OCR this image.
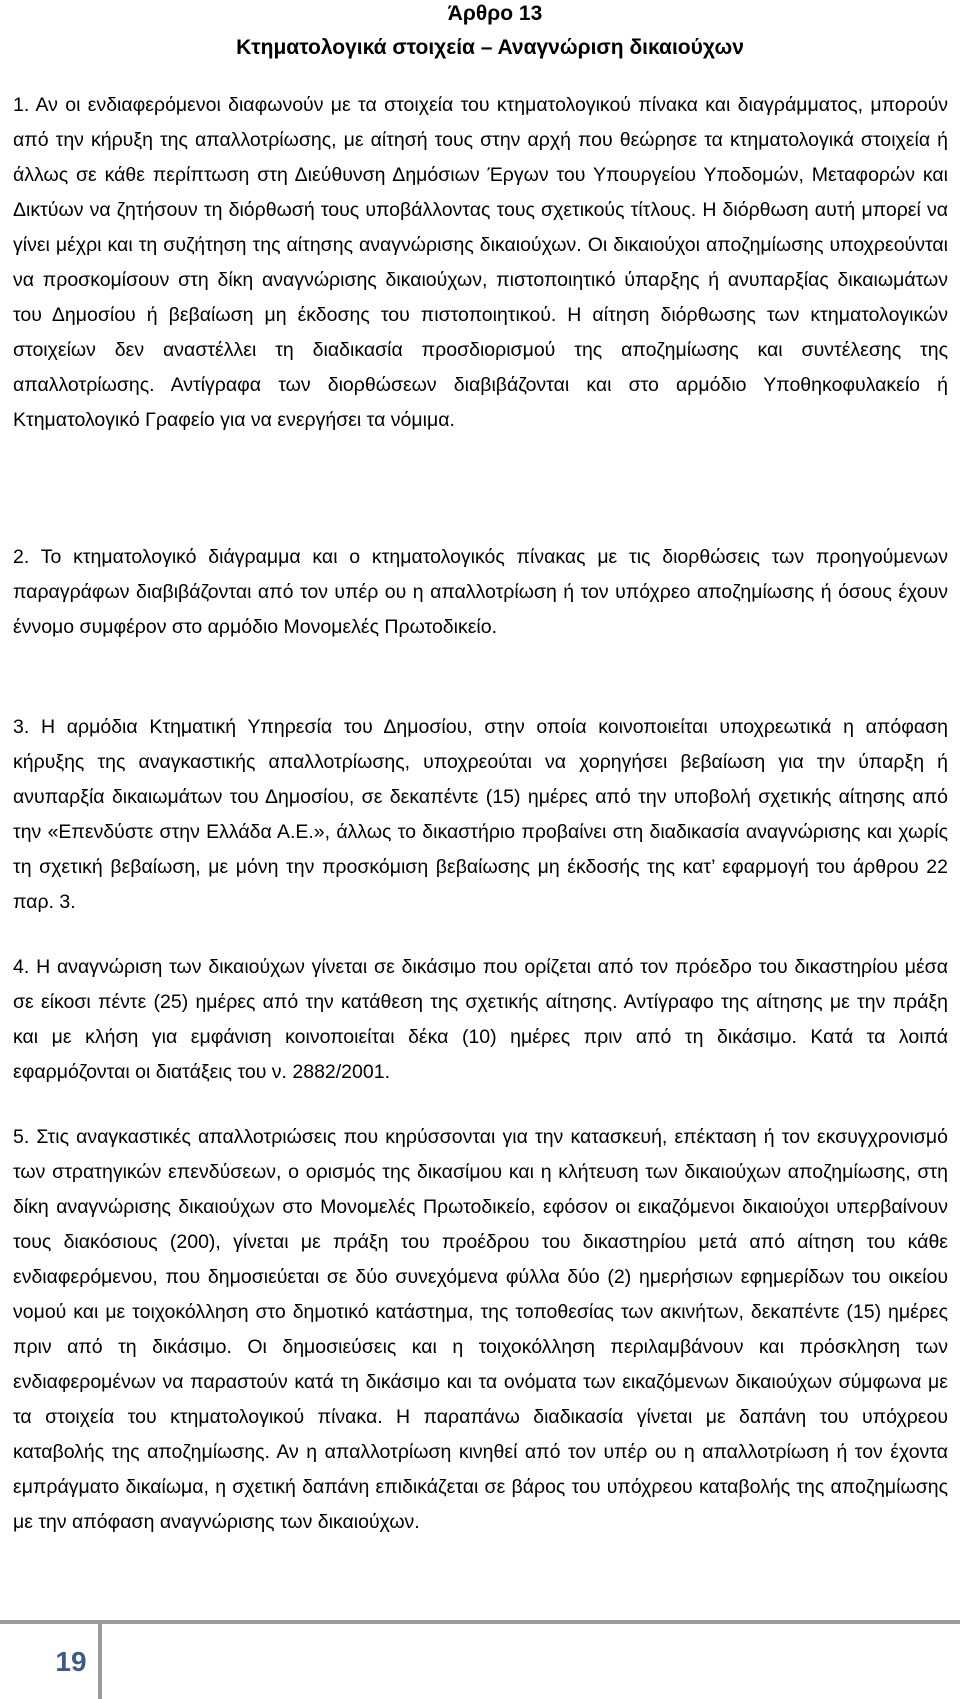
Άρθρο 13
Κτηματολογικά στοιχεία – Αναγνώριση δικαιούχων

1. Αν οι ενδιαφερόμενοι διαφωνούν με τα στοιχεία του κτηματολογικού πίνακα και διαγράμματος, μπορούν από την κήρυξη της απαλλοτρίωσης, με αίτησή τους στην αρχή που θεώρησε τα κτηματολογικά στοιχεία ή άλλως σε κάθε περίπτωση στη Διεύθυνση Δημόσιων Έργων του Υπουργείου Υποδομών, Μεταφορών και Δικτύων να ζητήσουν τη διόρθωσή τους υποβάλλοντας τους σχετικούς τίτλους. Η διόρθωση αυτή μπορεί να γίνει μέχρι και τη συζήτηση της αίτησης αναγνώρισης δικαιούχων. Οι δικαιούχοι αποζημίωσης υποχρεούνται να προσκομίσουν στη δίκη αναγνώρισης δικαιούχων, πιστοποιητικό ύπαρξης ή ανυπαρξίας δικαιωμάτων του Δημοσίου ή βεβαίωση μη έκδοσης του πιστοποιητικού. Η αίτηση διόρθωσης των κτηματολογικών στοιχείων δεν αναστέλλει τη διαδικασία προσδιορισμού της αποζημίωσης και συντέλεσης της απαλλοτρίωσης. Αντίγραφα των διορθώσεων διαβιβάζονται και στο αρμόδιο Υποθηκοφυλακείο ή Κτηματολογικό Γραφείο για να ενεργήσει τα νόμιμα.

2. Το κτηματολογικό διάγραμμα και ο κτηματολογικός πίνακας με τις διορθώσεις των προηγούμενων παραγράφων διαβιβάζονται από τον υπέρ ου η απαλλοτρίωση ή τον υπόχρεο αποζημίωσης ή όσους έχουν έννομο συμφέρον στο αρμόδιο Μονομελές Πρωτοδικείο.

3. Η αρμόδια Κτηματική Υπηρεσία του Δημοσίου, στην οποία κοινοποιείται υποχρεωτικά η απόφαση κήρυξης της αναγκαστικής απαλλοτρίωσης, υποχρεούται να χορηγήσει βεβαίωση για την ύπαρξη ή ανυπαρξία δικαιωμάτων του Δημοσίου, σε δεκαπέντε (15) ημέρες από την υποβολή σχετικής αίτησης από την «Επενδύστε στην Ελλάδα Α.Ε.», άλλως το δικαστήριο προβαίνει στη διαδικασία αναγνώρισης και χωρίς τη σχετική βεβαίωση, με μόνη την προσκόμιση βεβαίωσης μη έκδοσής της κατ’ εφαρμογή του άρθρου 22 παρ. 3.

4. Η αναγνώριση των δικαιούχων γίνεται σε δικάσιμο που ορίζεται από τον πρόεδρο του δικαστηρίου μέσα σε είκοσι πέντε (25) ημέρες από την κατάθεση της σχετικής αίτησης. Αντίγραφο της αίτησης με την πράξη και με κλήση για εμφάνιση κοινοποιείται δέκα (10) ημέρες πριν από τη δικάσιμο. Κατά τα λοιπά εφαρμόζονται οι διατάξεις του ν. 2882/2001.

5. Στις αναγκαστικές απαλλοτριώσεις που κηρύσσονται για την κατασκευή, επέκταση ή τον εκσυγχρονισμό των στρατηγικών επενδύσεων, ο ορισμός της δικασίμου και η κλήτευση των δικαιούχων αποζημίωσης, στη δίκη αναγνώρισης δικαιούχων στο Μονομελές Πρωτοδικείο, εφόσον οι εικαζόμενοι δικαιούχοι υπερβαίνουν τους διακόσιους (200), γίνεται με πράξη του προέδρου του δικαστηρίου μετά από αίτηση του κάθε ενδιαφερόμενου, που δημοσιεύεται σε δύο συνεχόμενα φύλλα δύο (2) ημερήσιων εφημερίδων του οικείου νομού και με τοιχοκόλληση στο δημοτικό κατάστημα, της τοποθεσίας των ακινήτων, δεκαπέντε (15) ημέρες πριν από τη δικάσιμο. Οι δημοσιεύσεις και η τοιχοκόλληση περιλαμβάνουν και πρόσκληση των ενδιαφερομένων να παραστούν κατά τη δικάσιμο και τα ονόματα των εικαζόμενων δικαιούχων σύμφωνα με τα στοιχεία του κτηματολογικού πίνακα. Η παραπάνω διαδικασία γίνεται με δαπάνη του υπόχρεου καταβολής της αποζημίωσης. Αν η απαλλοτρίωση κινηθεί από τον υπέρ ου η απαλλοτρίωση ή τον έχοντα εμπράγματο δικαίωμα, η σχετική δαπάνη επιδικάζεται σε βάρος του υπόχρεου καταβολής της αποζημίωσης με την απόφαση αναγνώρισης των δικαιούχων.

19
